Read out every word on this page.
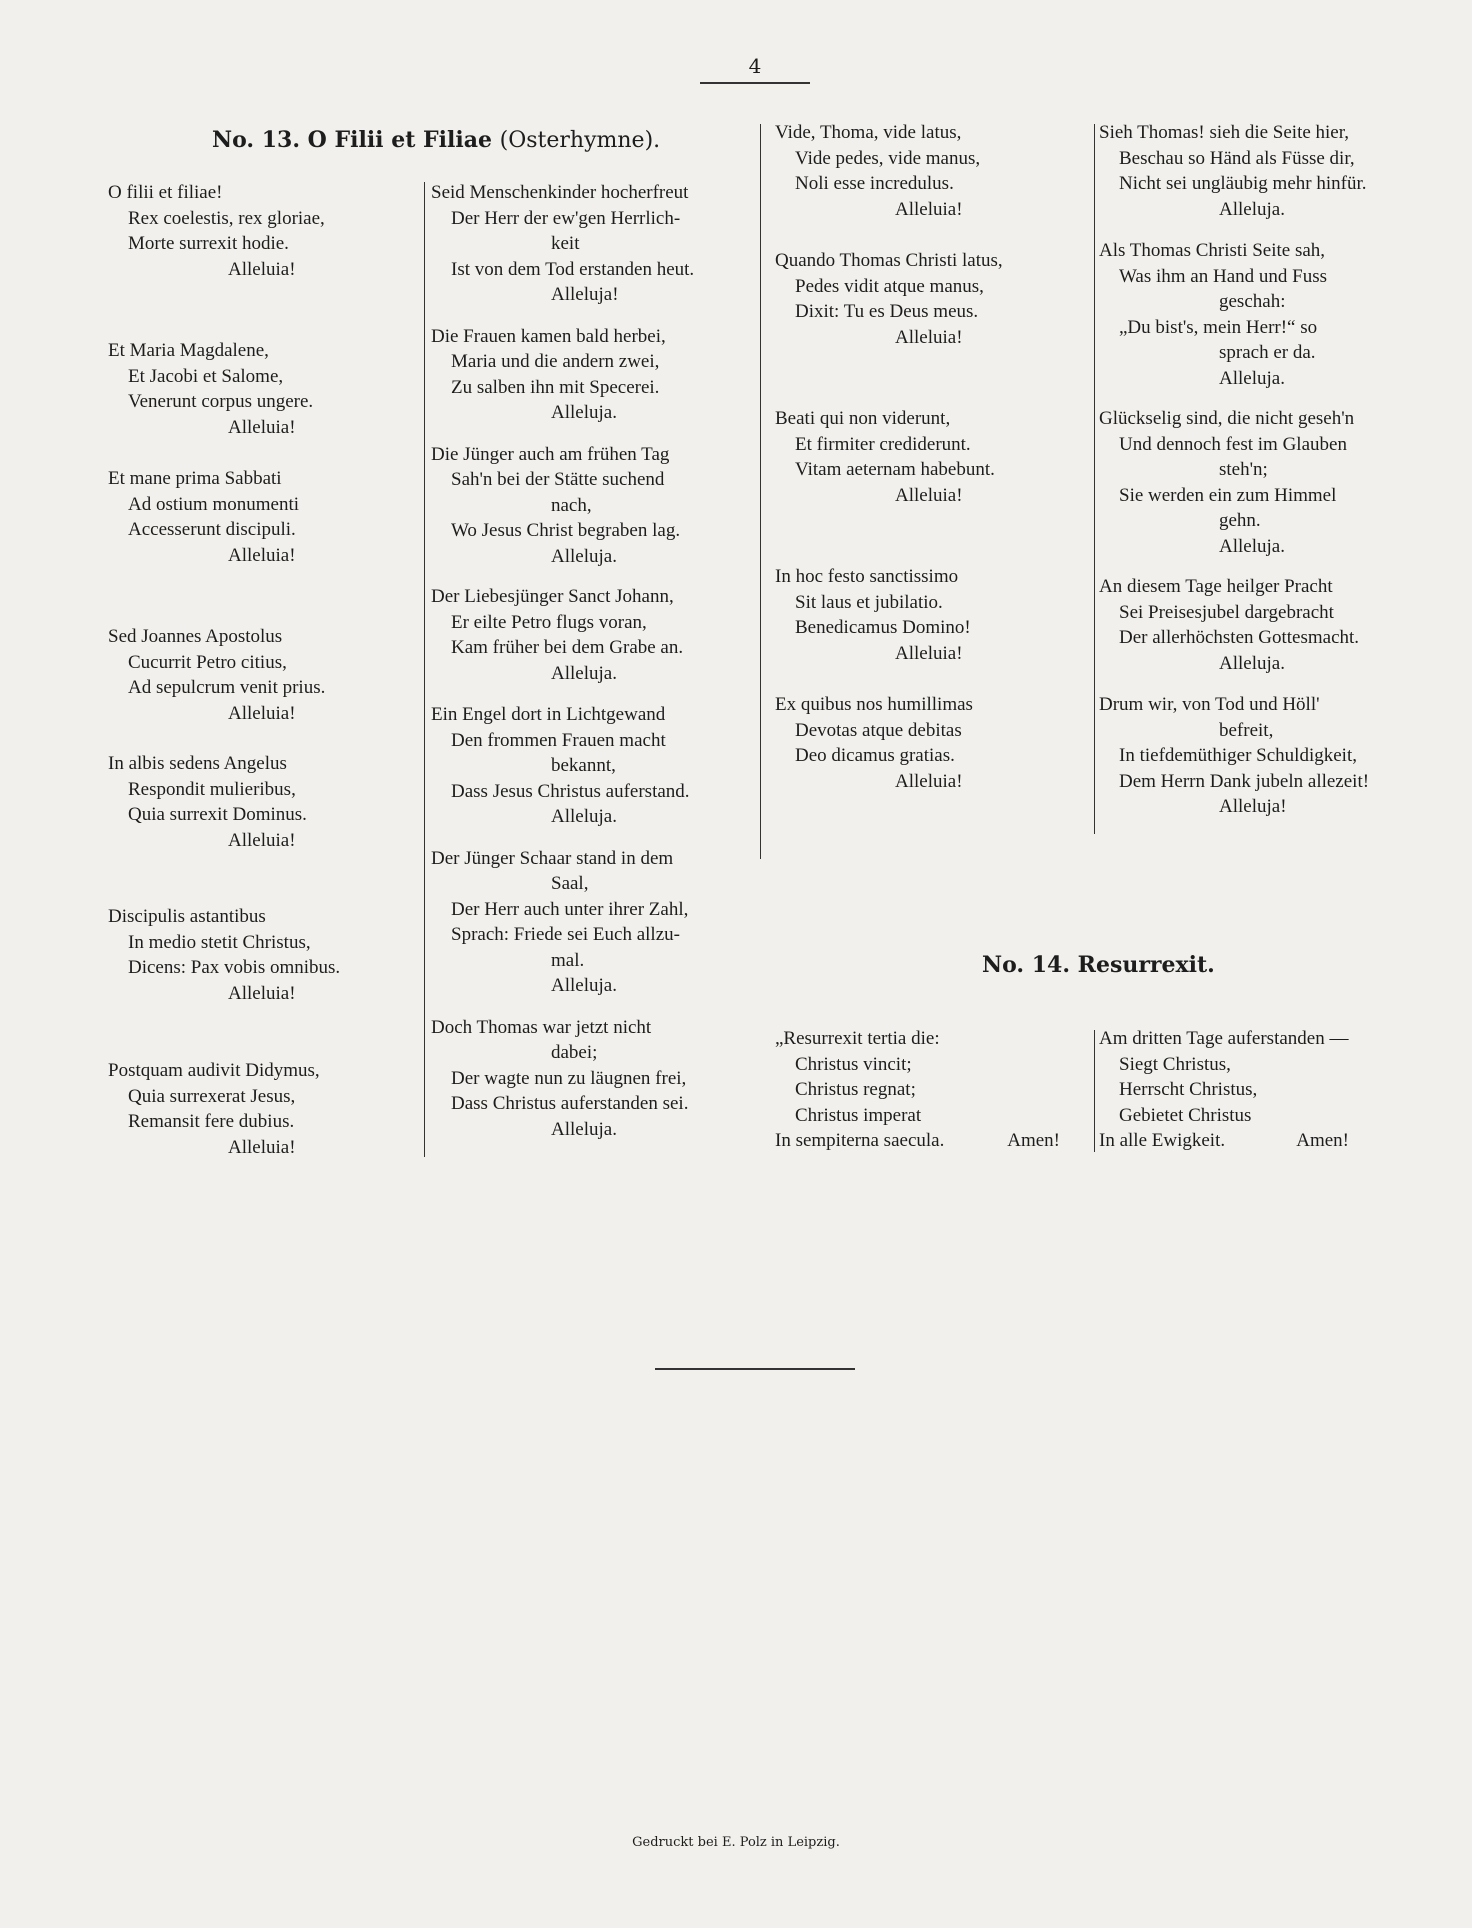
4
No. 13. O Filii et Filiae (Osterhymne).
O filii et filiae!
Rex coelestis, rex gloriae,
Morte surrexit hodie.
Alleluia!
Et Maria Magdalene,
Et Jacobi et Salome,
Venerunt corpus ungere.
Alleluia!
Et mane prima Sabbati
Ad ostium monumenti
Accesserunt discipuli.
Alleluia!
Sed Joannes Apostolus
Cucurrit Petro citius,
Ad sepulcrum venit prius.
Alleluia!
In albis sedens Angelus
Respondit mulieribus,
Quia surrexit Dominus.
Alleluia!
Discipulis astantibus
In medio stetit Christus,
Dicens: Pax vobis omnibus.
Alleluia!
Postquam audivit Didymus,
Quia surrexerat Jesus,
Remansit fere dubius.
Alleluia!
Seid Menschenkinder hocherfreut
Der Herr der ew'gen Herrlich-
keit
Ist von dem Tod erstanden heut.
Alleluja!
Die Frauen kamen bald herbei,
Maria und die andern zwei,
Zu salben ihn mit Specerei.
Alleluja.
Die Jünger auch am frühen Tag
Sah'n bei der Stätte suchend
nach,
Wo Jesus Christ begraben lag.
Alleluja.
Der Liebesjünger Sanct Johann,
Er eilte Petro flugs voran,
Kam früher bei dem Grabe an.
Alleluja.
Ein Engel dort in Lichtgewand
Den frommen Frauen macht
bekannt,
Dass Jesus Christus auferstand.
Alleluja.
Der Jünger Schaar stand in dem
Saal,
Der Herr auch unter ihrer Zahl,
Sprach: Friede sei Euch allzu-
mal.
Alleluja.
Doch Thomas war jetzt nicht
dabei;
Der wagte nun zu läugnen frei,
Dass Christus auferstanden sei.
Alleluja.
Vide, Thoma, vide latus,
Vide pedes, vide manus,
Noli esse incredulus.
Alleluia!
Quando Thomas Christi latus,
Pedes vidit atque manus,
Dixit: Tu es Deus meus.
Alleluia!
Beati qui non viderunt,
Et firmiter crediderunt.
Vitam aeternam habebunt.
Alleluia!
In hoc festo sanctissimo
Sit laus et jubilatio.
Benedicamus Domino!
Alleluia!
Ex quibus nos humillimas
Devotas atque debitas
Deo dicamus gratias.
Alleluia!
Sieh Thomas! sieh die Seite hier,
Beschau so Händ als Füsse dir,
Nicht sei ungläubig mehr hinfür.
Alleluja.
Als Thomas Christi Seite sah,
Was ihm an Hand und Fuss
geschah:
„Du bist's, mein Herr!“ so
sprach er da.
Alleluja.
Glückselig sind, die nicht geseh'n
Und dennoch fest im Glauben
steh'n;
Sie werden ein zum Himmel
gehn.
Alleluja.
An diesem Tage heilger Pracht
Sei Preisesjubel dargebracht
Der allerhöchsten Gottesmacht.
Alleluja.
Drum wir, von Tod und Höll'
befreit,
In tiefdemüthiger Schuldigkeit,
Dem Herrn Dank jubeln allezeit!
Alleluja!
No. 14. Resurrexit.
„Resurrexit tertia die:
Christus vincit;
Christus regnat;
Christus imperat
In sempiterna saecula.	Amen!
Am dritten Tage auferstanden —
Siegt Christus,
Herrscht Christus,
Gebietet Christus
In alle Ewigkeit.	Amen!
Gedruckt bei E. Polz in Leipzig.
